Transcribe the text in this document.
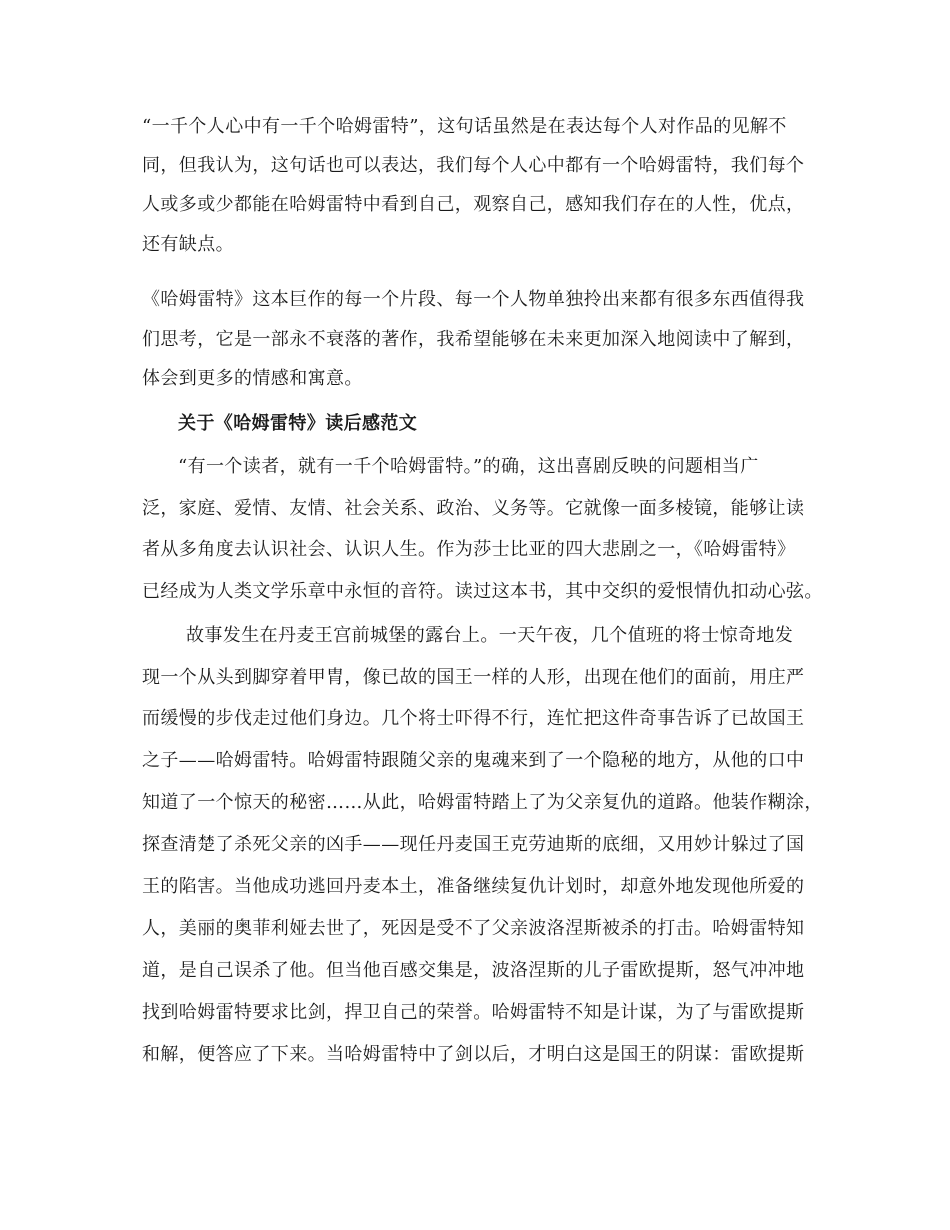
“一千个人心中有一千个哈姆雷特”，这句话虽然是在表达每个人对作品的见解不
同，但我认为，这句话也可以表达，我们每个人心中都有一个哈姆雷特，我们每个
人或多或少都能在哈姆雷特中看到自己，观察自己，感知我们存在的人性，优点，
还有缺点。
《哈姆雷特》这本巨作的每一个片段、每一个人物单独拎出来都有很多东西值得我
们思考，它是一部永不衰落的著作，我希望能够在未来更加深入地阅读中了解到，
体会到更多的情感和寓意。
关于《哈姆雷特》读后感范文
“有一个读者，就有一千个哈姆雷特。”的确，这出喜剧反映的问题相当广
泛，家庭、爱情、友情、社会关系、政治、义务等。它就像一面多棱镜，能够让读
者从多角度去认识社会、认识人生。作为莎士比亚的四大悲剧之一，《哈姆雷特》
已经成为人类文学乐章中永恒的音符。读过这本书，其中交织的爱恨情仇扣动心弦。
故事发生在丹麦王宫前城堡的露台上。一天午夜，几个值班的将士惊奇地发
现一个从头到脚穿着甲胄，像已故的国王一样的人形，出现在他们的面前，用庄严
而缓慢的步伐走过他们身边。几个将士吓得不行，连忙把这件奇事告诉了已故国王
之子——哈姆雷特。哈姆雷特跟随父亲的鬼魂来到了一个隐秘的地方，从他的口中
知道了一个惊天的秘密……从此，哈姆雷特踏上了为父亲复仇的道路。他装作糊涂，
探查清楚了杀死父亲的凶手——现任丹麦国王克劳迪斯的底细，又用妙计躲过了国
王的陷害。当他成功逃回丹麦本土，准备继续复仇计划时，却意外地发现他所爱的
人，美丽的奥菲利娅去世了，死因是受不了父亲波洛涅斯被杀的打击。哈姆雷特知
道，是自己误杀了他。但当他百感交集是，波洛涅斯的儿子雷欧提斯，怒气冲冲地
找到哈姆雷特要求比剑，捍卫自己的荣誉。哈姆雷特不知是计谋，为了与雷欧提斯
和解，便答应了下来。当哈姆雷特中了剑以后，才明白这是国王的阴谋：雷欧提斯
